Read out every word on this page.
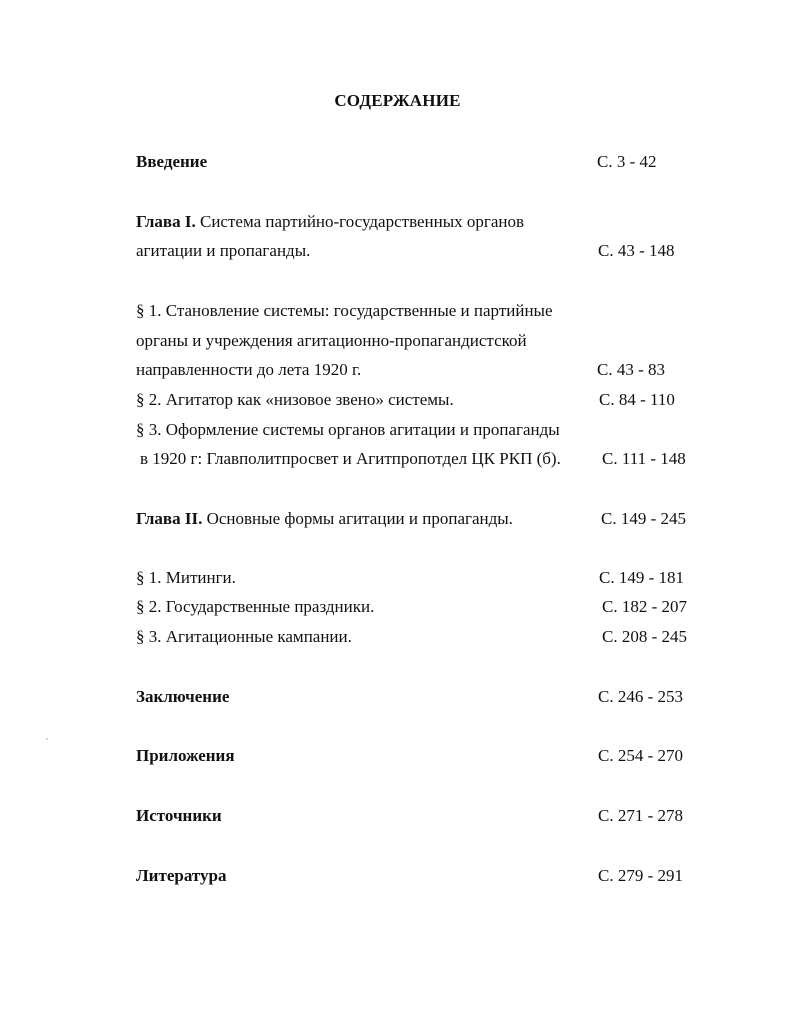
СОДЕРЖАНИЕ
Введение	С. 3 - 42
Глава I. Система партийно-государственных органов
агитации и пропаганды.	С. 43 - 148
§ 1. Становление системы: государственные и партийные
органы и учреждения агитационно-пропагандистской
направленности до лета 1920 г.	С. 43 - 83
§ 2. Агитатор как «низовое звено» системы.	С. 84 - 110
§ 3. Оформление системы органов агитации и пропаганды
в 1920 г: Главполитпросвет и Агитпропотдел ЦК РКП (б). С. 111 - 148
Глава II. Основные формы агитации и пропаганды.	С. 149 - 245
§ 1. Митинги.	С. 149 - 181
§ 2. Государственные праздники.	С. 182 - 207
§ 3. Агитационные кампании.	С. 208 - 245
Заключение	С. 246 - 253
Приложения	С. 254 - 270
Источники	С. 271 - 278
Литература	С. 279 - 291
